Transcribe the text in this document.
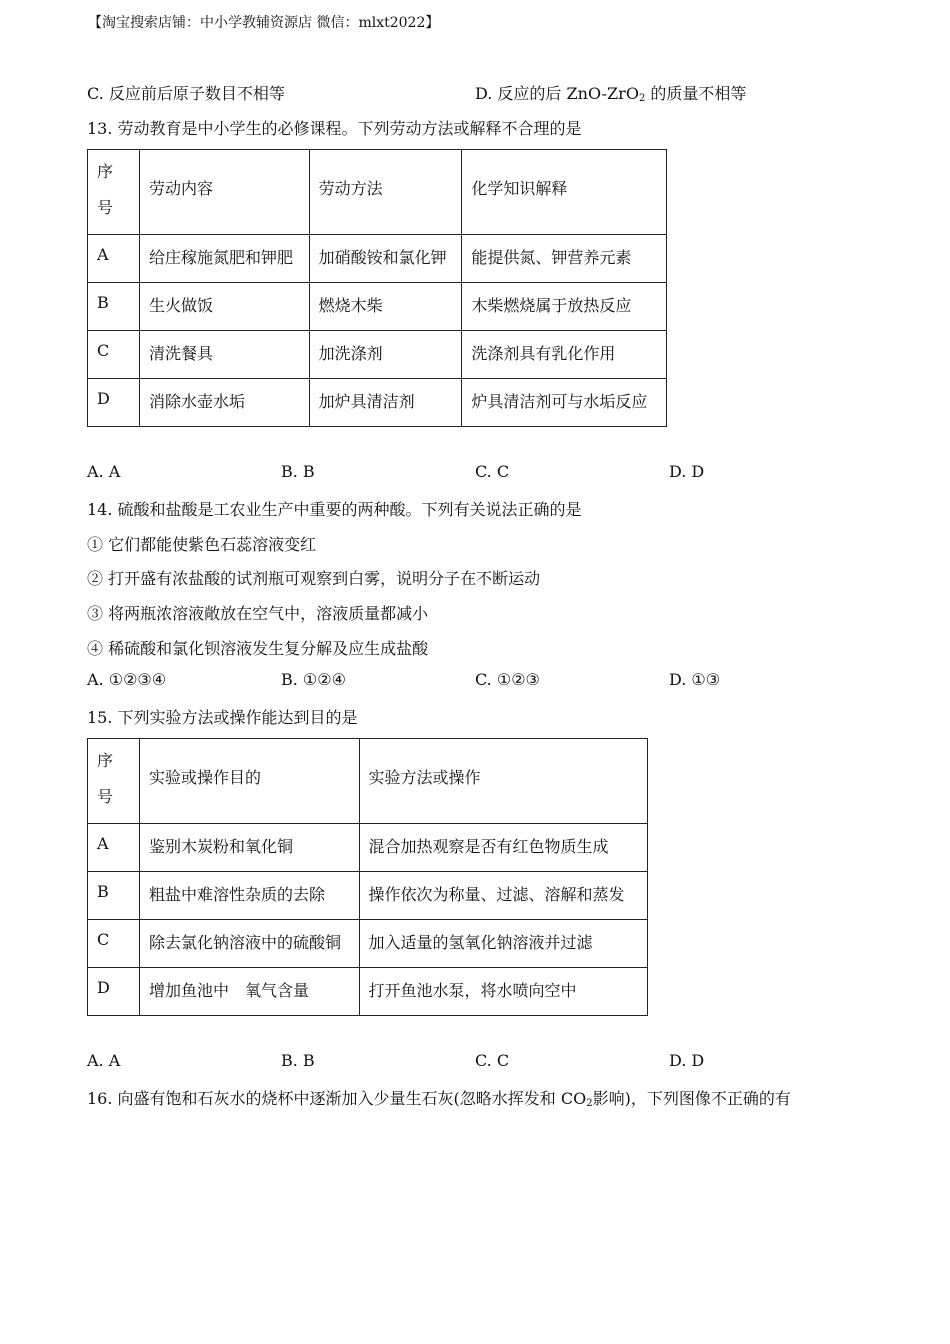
【淘宝搜索店铺：中小学教辅资源店 微信：mlxt2022】
C. 反应前后原子数目不相等	D. 反应的后 ZnO-ZrO$_2$ 的质量不相等
13. 劳动教育是中小学生的必修课程。下列劳动方法或解释不合理的是
序
号	劳动内容	劳动方法	化学知识解释
A	给庄稼施氮肥和钾肥	加硝酸铵和氯化钾	能提供氮、钾营养元素
B	生火做饭	燃烧木柴	木柴燃烧属于放热反应
C	清洗餐具	加洗涤剂	洗涤剂具有乳化作用
D	消除水壶水垢	加炉具清洁剂	炉具清洁剂可与水垢反应
A. A	B. B	C. C	D. D
14. 硫酸和盐酸是工农业生产中重要的两种酸。下列有关说法正确的是
① 它们都能使紫色石蕊溶液变红
② 打开盛有浓盐酸的试剂瓶可观察到白雾，说明分子在不断运动
③ 将两瓶浓溶液敞放在空气中，溶液质量都减小
④ 稀硫酸和氯化钡溶液发生复分解及应生成盐酸
A. ①②③④	B. ①②④	C. ①②③	D. ①③
15. 下列实验方法或操作能达到目的是
序
号	实验或操作目的	实验方法或操作
A	鉴别木炭粉和氧化铜	混合加热观察是否有红色物质生成
B	粗盐中难溶性杂质的去除	操作依次为称量、过滤、溶解和蒸发
C	除去氯化钠溶液中的硫酸铜	加入适量的氢氧化钠溶液并过滤
D	增加鱼池中　氧气含量	打开鱼池水泵，将水喷向空中
A. A	B. B	C. C	D. D
16. 向盛有饱和石灰水的烧杯中逐渐加入少量生石灰(忽略水挥发和 $CO_2$影响)，下列图像不正确的有
